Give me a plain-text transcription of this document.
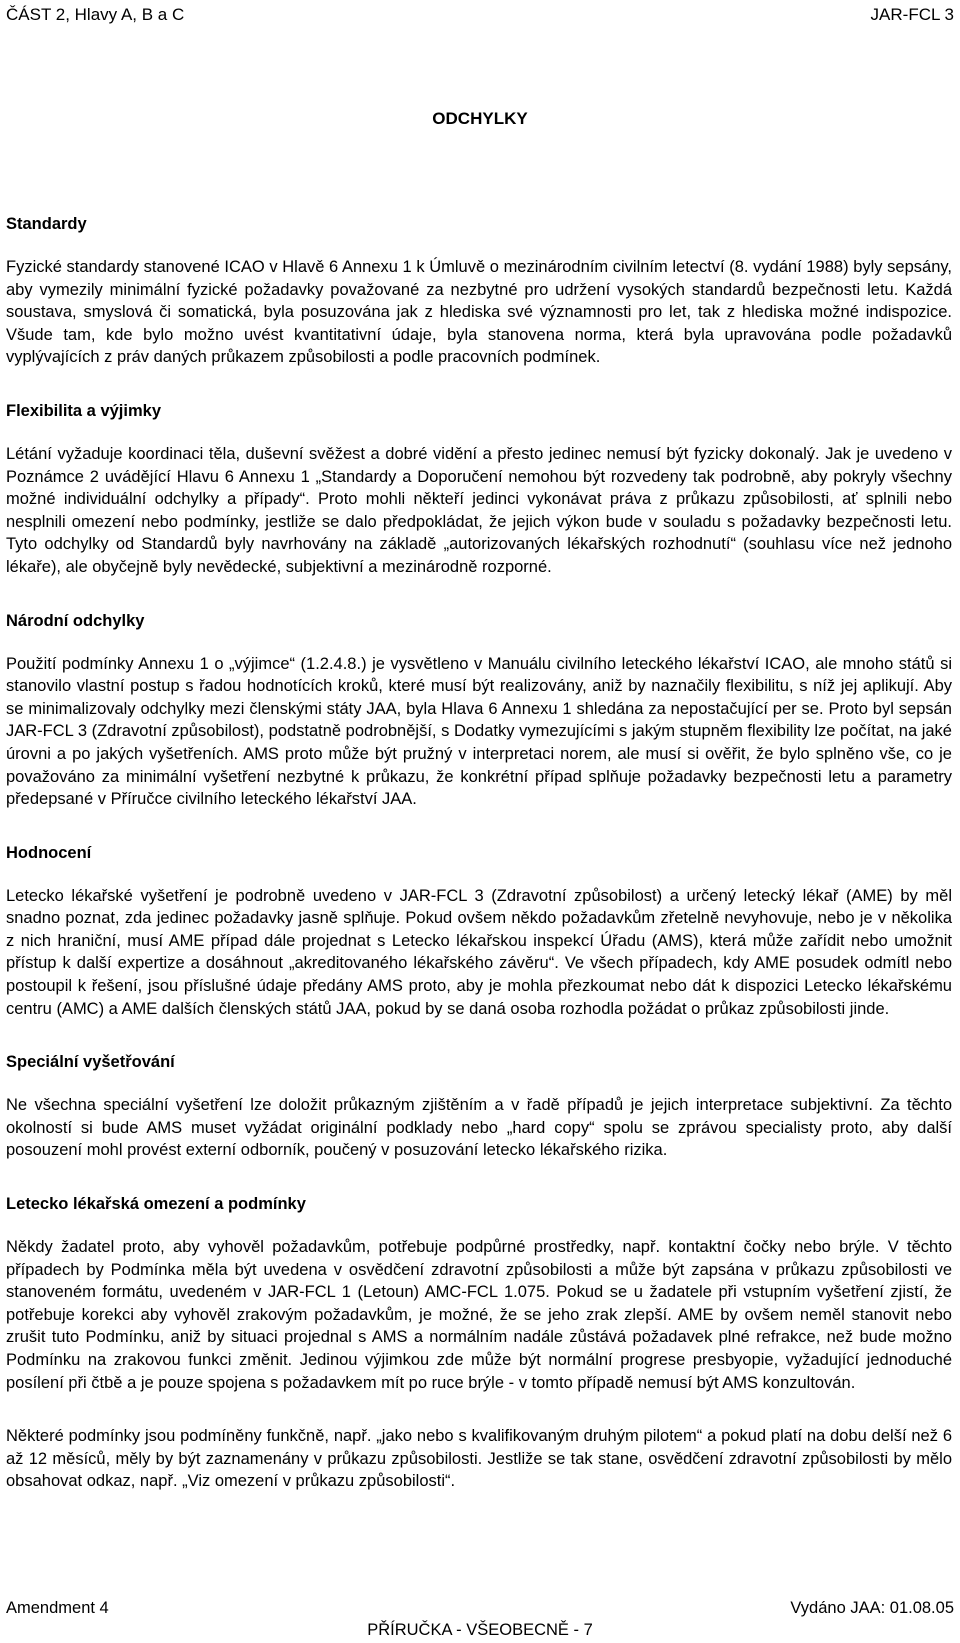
ČÁST 2, Hlavy A, B a C	JAR-FCL 3
ODCHYLKY
Standardy

Fyzické standardy stanovené ICAO v Hlavě 6 Annexu 1 k Úmluvě o mezinárodním civilním letectví (8. vydání 1988) byly sepsány, aby vymezily minimální fyzické požadavky považované za nezbytné pro udržení vysokých standardů bezpečnosti letu. Každá soustava, smyslová či somatická, byla posuzována jak z hlediska své významnosti pro let, tak z hlediska možné indispozice. Všude tam, kde bylo možno uvést kvantitativní údaje, byla stanovena norma, která byla upravována podle požadavků vyplývajících z práv daných průkazem způsobilosti a podle pracovních podmínek.

Flexibilita a výjimky

Létání vyžaduje koordinaci těla, duševní svěžest a dobré vidění a přesto jedinec nemusí být fyzicky dokonalý. Jak je uvedeno v Poznámce 2 uvádějící Hlavu 6 Annexu 1 „Standardy a Doporučení nemohou být rozvedeny tak podrobně, aby pokryly všechny možné individuální odchylky a případy“. Proto mohli někteří jedinci vykonávat práva z průkazu způsobilosti, ať splnili nebo nesplnili omezení nebo podmínky, jestliže se dalo předpokládat, že jejich výkon bude v souladu s požadavky bezpečnosti letu. Tyto odchylky od Standardů byly navrhovány na základě „autorizovaných lékařských rozhodnutí“ (souhlasu více než jednoho lékaře), ale obyčejně byly nevědecké, subjektivní a mezinárodně rozporné.

Národní odchylky

Použití podmínky Annexu 1 o „výjimce“ (1.2.4.8.) je vysvětleno v Manuálu civilního leteckého lékařství ICAO, ale mnoho států si stanovilo vlastní postup s řadou hodnotících kroků, které musí být realizovány, aniž by naznačily flexibilitu, s níž jej aplikují. Aby se minimalizovaly odchylky mezi členskými státy JAA, byla Hlava 6 Annexu 1 shledána za nepostačující per se. Proto byl sepsán JAR-FCL 3 (Zdravotní způsobilost), podstatně podrobnější, s Dodatky vymezujícími s jakým stupněm flexibility lze počítat, na jaké úrovni a po jakých vyšetřeních. AMS proto může být pružný v interpretaci norem, ale musí si ověřit, že bylo splněno vše, co je považováno za minimální vyšetření nezbytné k průkazu, že konkrétní případ splňuje požadavky bezpečnosti letu a parametry předepsané v Příručce civilního leteckého lékařství JAA.

Hodnocení

Letecko lékařské vyšetření je podrobně uvedeno v JAR-FCL 3 (Zdravotní způsobilost) a určený letecký lékař (AME) by měl snadno poznat, zda jedinec požadavky jasně splňuje. Pokud ovšem někdo požadavkům zřetelně nevyhovuje, nebo je v několika z nich hraniční, musí AME případ dále projednat s Letecko lékařskou inspekcí Úřadu (AMS), která může zařídit nebo umožnit přístup k další expertize a dosáhnout „akreditovaného lékařského závěru“. Ve všech případech, kdy AME posudek odmítl nebo postoupil k řešení, jsou příslušné údaje předány AMS proto, aby je mohla přezkoumat nebo dát k dispozici Letecko lékařskému centru (AMC) a AME dalších členských států JAA, pokud by se daná osoba rozhodla požádat o průkaz způsobilosti jinde.

Speciální vyšetřování

Ne všechna speciální vyšetření lze doložit průkazným zjištěním a v řadě případů je jejich interpretace subjektivní. Za těchto okolností si bude AMS muset vyžádat originální podklady nebo „hard copy“ spolu se zprávou specialisty proto, aby další posouzení mohl provést externí odborník, poučený v posuzování letecko lékařského rizika.

Letecko lékařská omezení a podmínky

Někdy žadatel proto, aby vyhověl požadavkům, potřebuje podpůrné prostředky, např. kontaktní čočky nebo brýle. V těchto případech by Podmínka měla být uvedena v osvědčení zdravotní způsobilosti a může být zapsána v průkazu způsobilosti ve stanoveném formátu, uvedeném v JAR-FCL 1 (Letoun) AMC-FCL 1.075. Pokud se u žadatele při vstupním vyšetření zjistí, že potřebuje korekci aby vyhověl zrakovým požadavkům, je možné, že se jeho zrak zlepší. AME by ovšem neměl stanovit nebo zrušit tuto Podmínku, aniž by situaci projednal s AMS a normálním nadále zůstává požadavek plné refrakce, než bude možno Podmínku na zrakovou funkci změnit. Jedinou výjimkou zde může být normální progrese presbyopie, vyžadující jednoduché posílení při čtbě a je pouze spojena s požadavkem mít po ruce brýle - v tomto případě nemusí být AMS konzultován.

Některé podmínky jsou podmíněny funkčně, např. „jako nebo s kvalifikovaným druhým pilotem“ a pokud platí na dobu delší než 6 až 12 měsíců, měly by být zaznamenány v průkazu způsobilosti. Jestliže se tak stane, osvědčení zdravotní způsobilosti by mělo obsahovat odkaz, např. „Viz omezení v průkazu způsobilosti“.

Amendment 4	Vydáno JAA: 01.08.05
PŘÍRUČKA - VŠEOBECNĚ - 7
